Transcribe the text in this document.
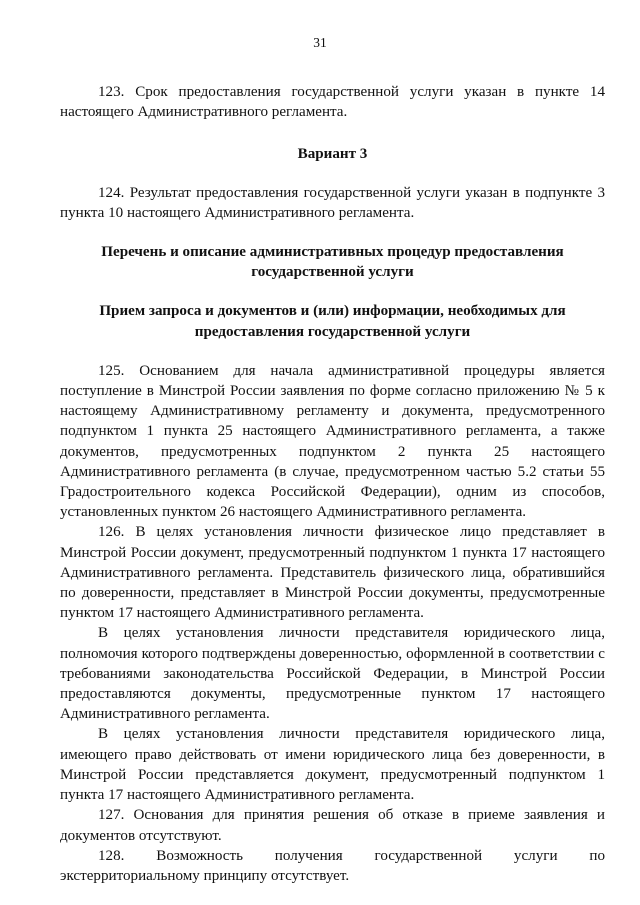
31

123. Срок предоставления государственной услуги указан в пункте 14 настоящего Административного регламента.

Вариант 3

124. Результат предоставления государственной услуги указан в подпункте 3 пункта 10 настоящего Административного регламента.

Перечень и описание административных процедур предоставления

государственной услуги

Прием запроса и документов и (или) информации, необходимых для

предоставления государственной услуги

125. Основанием для начала административной процедуры является поступление в Минстрой России заявления по форме согласно приложению № 5 к настоящему Административному регламенту и документа, предусмотренного подпунктом 1 пункта 25 настоящего Административного регламента, а также документов, предусмотренных подпунктом 2 пункта 25 настоящего Административного регламента (в случае, предусмотренном частью 5.2 статьи 55 Градостроительного кодекса Российской Федерации), одним из способов, установленных пунктом 26 настоящего Административного регламента.

126. В целях установления личности физическое лицо представляет в Минстрой России документ, предусмотренный подпунктом 1 пункта 17 настоящего Административного регламента. Представитель физического лица, обратившийся по доверенности, представляет в Минстрой России документы, предусмотренные пунктом 17 настоящего Административного регламента.

В целях установления личности представителя юридического лица, полномочия которого подтверждены доверенностью, оформленной в соответствии с требованиями законодательства Российской Федерации, в Минстрой России предоставляются документы, предусмотренные пунктом 17 настоящего Административного регламента.

В целях установления личности представителя юридического лица, имеющего право действовать от имени юридического лица без доверенности, в Минстрой России представляется документ, предусмотренный подпунктом 1 пункта 17 настоящего Административного регламента.

127. Основания для принятия решения об отказе в приеме заявления и документов отсутствуют.

128. Возможность получения государственной услуги по экстерриториальному принципу отсутствует.
